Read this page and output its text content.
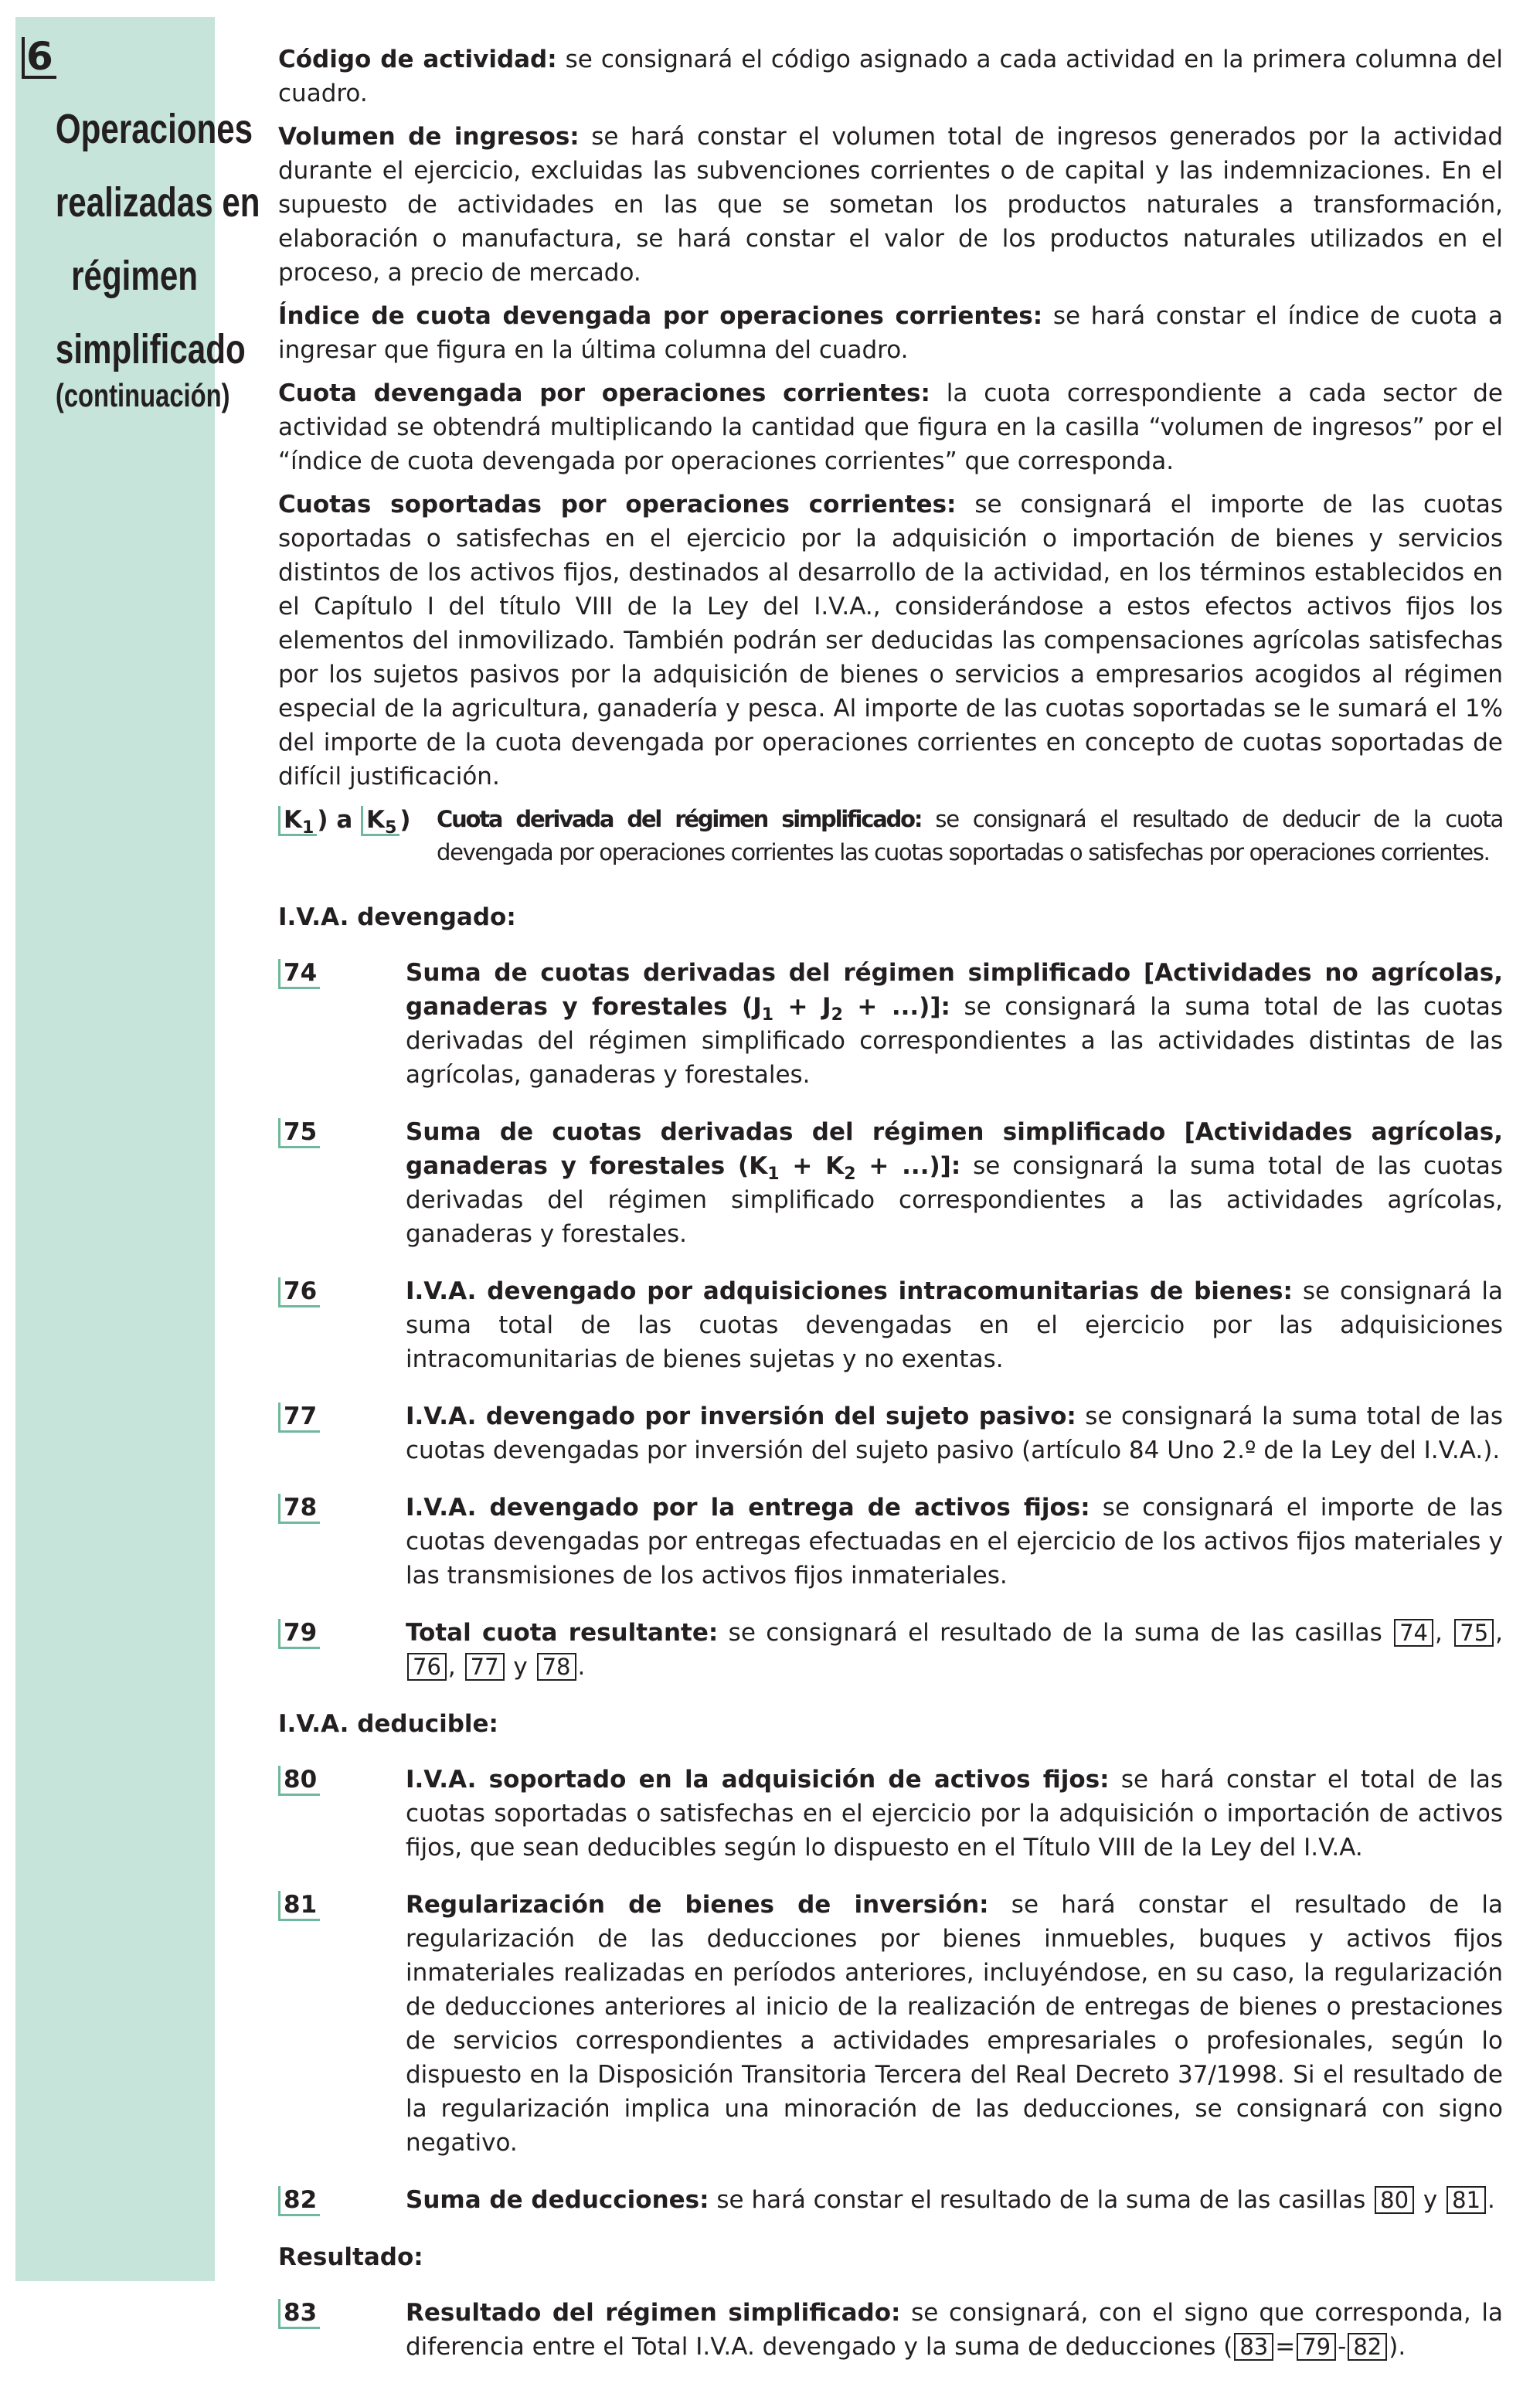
6
Operaciones
realizadas en
régimen
simplificado
(continuación)

Código de actividad: se consignará el código asignado a cada actividad en la primera columna del cuadro.

Volumen de ingresos: se hará constar el volumen total de ingresos generados por la actividad durante el ejercicio, excluidas las subvenciones corrientes o de capital y las indemnizaciones. En el supuesto de actividades en las que se sometan los productos naturales a transformación, elaboración o manufactura, se hará constar el valor de los productos naturales utilizados en el proceso, a precio de mercado.

Índice de cuota devengada por operaciones corrientes: se hará constar el índice de cuota a ingresar que figura en la última columna del cuadro.

Cuota devengada por operaciones corrientes: la cuota correspondiente a cada sector de actividad se obtendrá multiplicando la cantidad que figura en la casilla “volumen de ingresos” por el “índice de cuota devengada por operaciones corrientes” que corresponda.

Cuotas soportadas por operaciones corrientes: se consignará el importe de las cuotas soportadas o satisfechas en el ejercicio por la adquisición o importación de bienes y servicios distintos de los activos fijos, destinados al desarrollo de la actividad, en los términos establecidos en el Capítulo I del título VIII de la Ley del I.V.A., considerándose a estos efectos activos fijos los elementos del inmovilizado. También podrán ser deducidas las compensaciones agrícolas satisfechas por los sujetos pasivos por la adquisición de bienes o servicios a empresarios acogidos al régimen especial de la agricultura, ganadería y pesca. Al importe de las cuotas soportadas se le sumará el 1% del importe de la cuota devengada por operaciones corrientes en concepto de cuotas soportadas de difícil justificación.

$K_1$ ) a $K_5$ )	Cuota derivada del régimen simplificado: se consignará el resultado de deducir de la cuota devengada por operaciones corrientes las cuotas soportadas o satisfechas por operaciones corrientes.
I.V.A. devengado:
74	Suma de cuotas derivadas del régimen simplificado [Actividades no agrícolas, ganaderas y forestales ($J_1 + J_2$ + ...)]: se consignará la suma total de las cuotas derivadas del régimen simplificado correspondientes a las actividades distintas de las agrícolas, ganaderas y forestales.
75	Suma de cuotas derivadas del régimen simplificado [Actividades agrícolas, ganaderas y forestales ($K_1 + K_2$ + ...)]: se consignará la suma total de las cuotas derivadas del régimen simplificado correspondientes a las actividades agrícolas, ganaderas y forestales.
76	I.V.A. devengado por adquisiciones intracomunitarias de bienes: se consignará la suma total de las cuotas devengadas en el ejercicio por las adquisiciones intracomunitarias de bienes sujetas y no exentas.
77	I.V.A. devengado por inversión del sujeto pasivo: se consignará la suma total de las cuotas devengadas por inversión del sujeto pasivo (artículo 84 Uno 2.º de la Ley del I.V.A.).
78	I.V.A. devengado por la entrega de activos fijos: se consignará el importe de las cuotas devengadas por entregas efectuadas en el ejercicio de los activos fijos materiales y las transmisiones de los activos fijos inmateriales.
79	Total cuota resultante: se consignará el resultado de la suma de las casillas 74 , 75 , 76 , 77 y 78 .
I.V.A. deducible:
80	I.V.A. soportado en la adquisición de activos fijos: se hará constar el total de las cuotas soportadas o satisfechas en el ejercicio por la adquisición o importación de activos fijos, que sean deducibles según lo dispuesto en el Título VIII de la Ley del I.V.A.
81	Regularización de bienes de inversión: se hará constar el resultado de la regularización de las deducciones por bienes inmuebles, buques y activos fijos inmateriales realizadas en períodos anteriores, incluyéndose, en su caso, la regularización de deducciones anteriores al inicio de la realización de entregas de bienes o prestaciones de servicios correspondientes a actividades empresariales o profesionales, según lo dispuesto en la Disposición Transitoria Tercera del Real Decreto 37/1998. Si el resultado de la regularización implica una minoración de las deducciones, se consignará con signo negativo.
82	Suma de deducciones: se hará constar el resultado de la suma de las casillas 80 y 81 .
Resultado:
83	Resultado del régimen simplificado: se consignará, con el signo que corresponda, la diferencia entre el Total I.V.A. devengado y la suma de deducciones ( 83 = 79 - 82 ).
